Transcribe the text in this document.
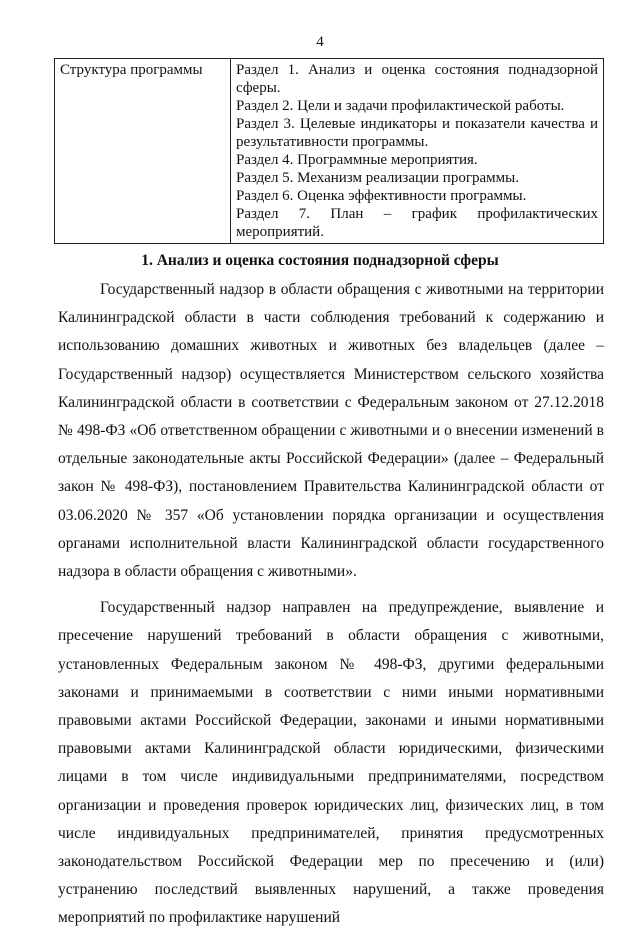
4
Структура программы	Раздел 1. Анализ и оценка состояния поднадзорной сферы.
Раздел 2. Цели и задачи профилактической работы.
Раздел 3. Целевые индикаторы и показатели качества и результативности программы.
Раздел 4. Программные мероприятия.
Раздел 5. Механизм реализации программы.
Раздел 6. Оценка эффективности программы.
Раздел 7. План – график профилактических мероприятий.
1. Анализ и оценка состояния поднадзорной сферы

Государственный надзор в области обращения с животными на территории Калининградской области в части соблюдения требований к содержанию и использованию домашних животных и животных без владельцев (далее – Государственный надзор) осуществляется Министерством сельского хозяйства Калининградской области в соответствии с Федеральным законом от 27.12.2018 № 498-ФЗ «Об ответственном обращении с животными и о внесении изменений в отдельные законодательные акты Российской Федерации» (далее – Федеральный закон № 498-ФЗ), постановлением Правительства Калининградской области от 03.06.2020 № 357 «Об установлении порядка организации и осуществления органами исполнительной власти Калининградской области государственного надзора в области обращения с животными».

Государственный надзор направлен на предупреждение, выявление и пресечение нарушений требований в области обращения с животными, установленных Федеральным законом № 498-ФЗ, другими федеральными законами и принимаемыми в соответствии с ними иными нормативными правовыми актами Российской Федерации, законами и иными нормативными правовыми актами Калининградской области юридическими, физическими лицами в том числе индивидуальными предпринимателями, посредством организации и проведения проверок юридических лиц, физических лиц, в том числе индивидуальных предпринимателей, принятия предусмотренных законодательством Российской Федерации мер по пресечению и (или) устранению последствий выявленных нарушений, а также проведения мероприятий по профилактике нарушений
